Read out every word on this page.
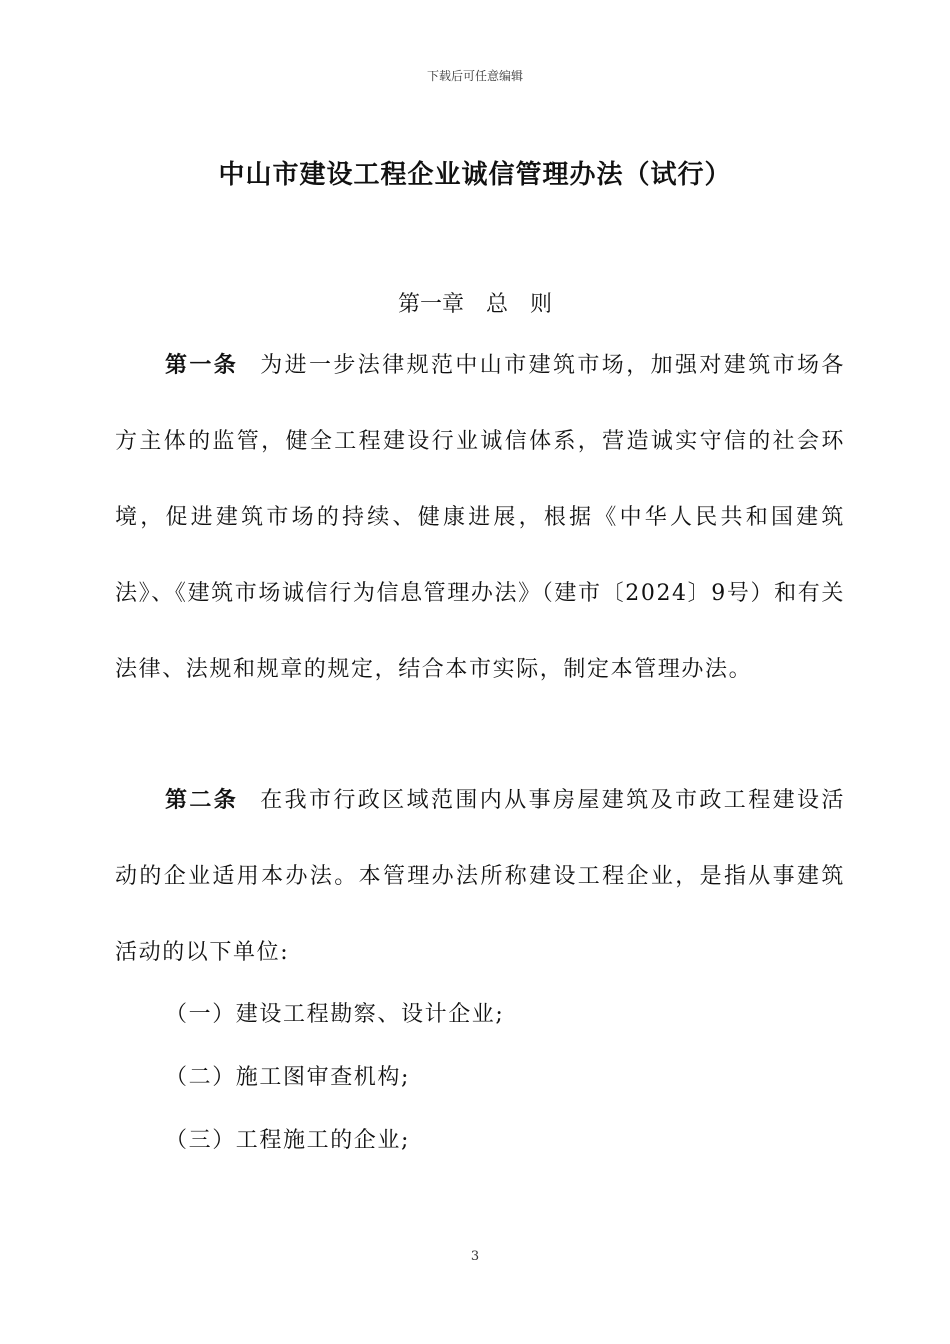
下载后可任意编辑
中山市建设工程企业诚信管理办法（试行）
第一章　总　则

第一条 为进一步法律规范中山市建筑市场，加强对建筑市场各方主体的监管，健全工程建设行业诚信体系，营造诚实守信的社会环境，促进建筑市场的持续、健康进展，根据《中华人民共和国建筑法》、《建筑市场诚信行为信息管理办法》（建市〔2024〕9号）和有关法律、法规和规章的规定，结合本市实际，制定本管理办法。

第二条 在我市行政区域范围内从事房屋建筑及市政工程建设活动的企业适用本办法。本管理办法所称建设工程企业，是指从事建筑活动的以下单位:

（一）建设工程勘察、设计企业;
（二）施工图审查机构;
（三）工程施工的企业;
3
